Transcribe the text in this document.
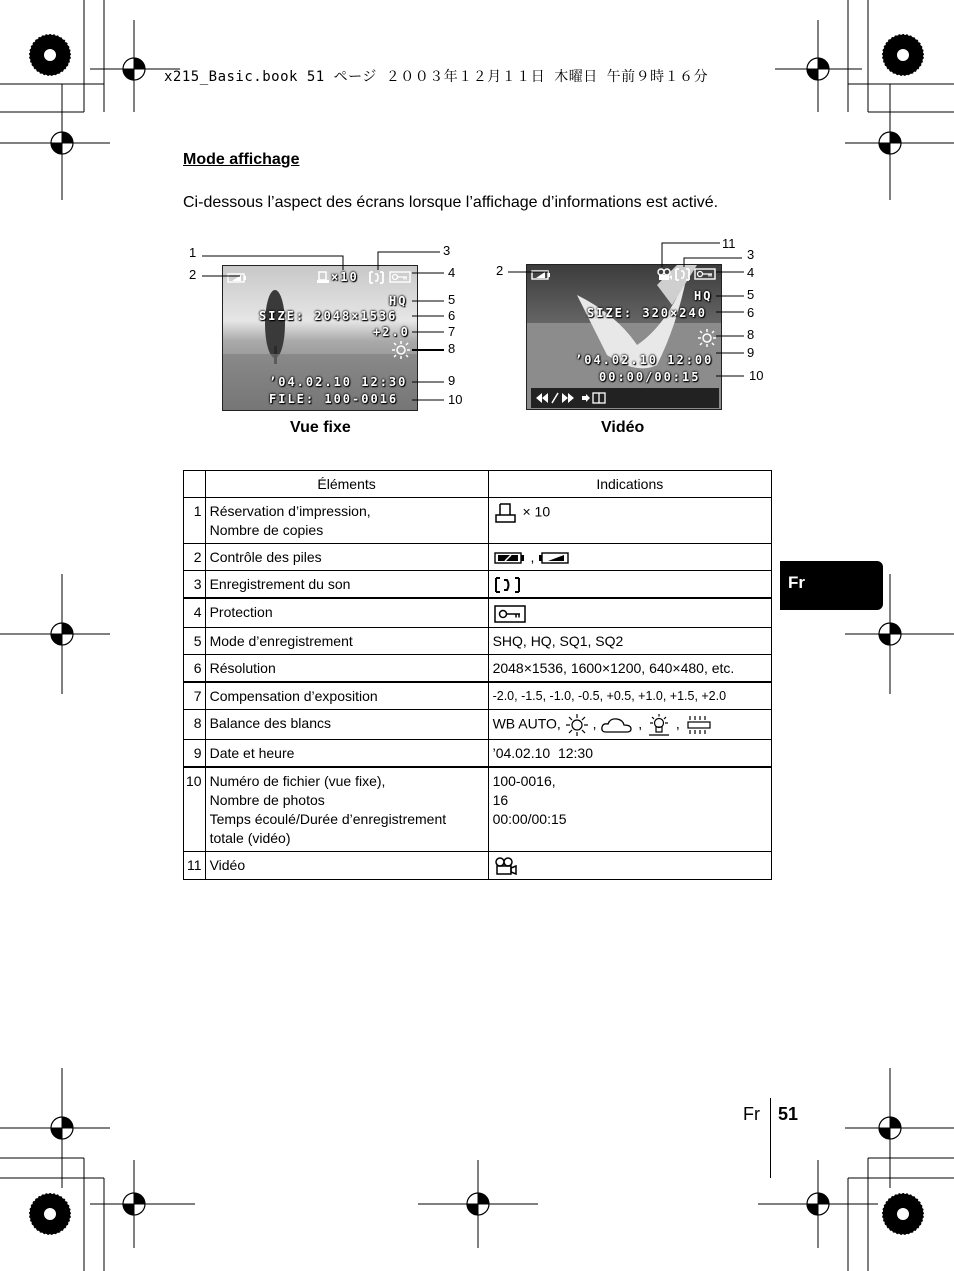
x215_Basic.book 51 ページ ２００３年１２月１１日 木曜日 午前９時１６分
Mode affichage
Ci-dessous l’aspect des écrans lorsque l’affichage d’informations est activé.
×10
HQ
SIZE: 2048×1536
+2.0
’04.02.10 12:30
FILE: 100-0016
1
2
3
4
5
6
7
8
9
10
Vue fixe
HQ
SIZE: 320×240
’04.02.10 12:00
00:00/00:15
2
3
4
5
6
8
9
10
11
Vidéo
	Éléments	Indications
1	Réservation d’impression,
Nombre de copies	× 10
2	Contrôle des piles	,
3	Enregistrement du son	
4	Protection	
5	Mode d’enregistrement	SHQ, HQ, SQ1, SQ2
6	Résolution	2048×1536, 1600×1200, 640×480, etc.
7	Compensation d’exposition	-2.0, -1.5, -1.0, -0.5, +0.5, +1.0, +1.5, +2.0
8	Balance des blancs	WB AUTO, , , ,
9	Date et heure	’04.02.10  12:30
10	Numéro de fichier (vue fixe),
Nombre de photos
Temps écoulé/Durée d’enregistrement
totale (vidéo)	100-0016,
16
00:00/00:15
11	Vidéo	
Fr
Fr 51
